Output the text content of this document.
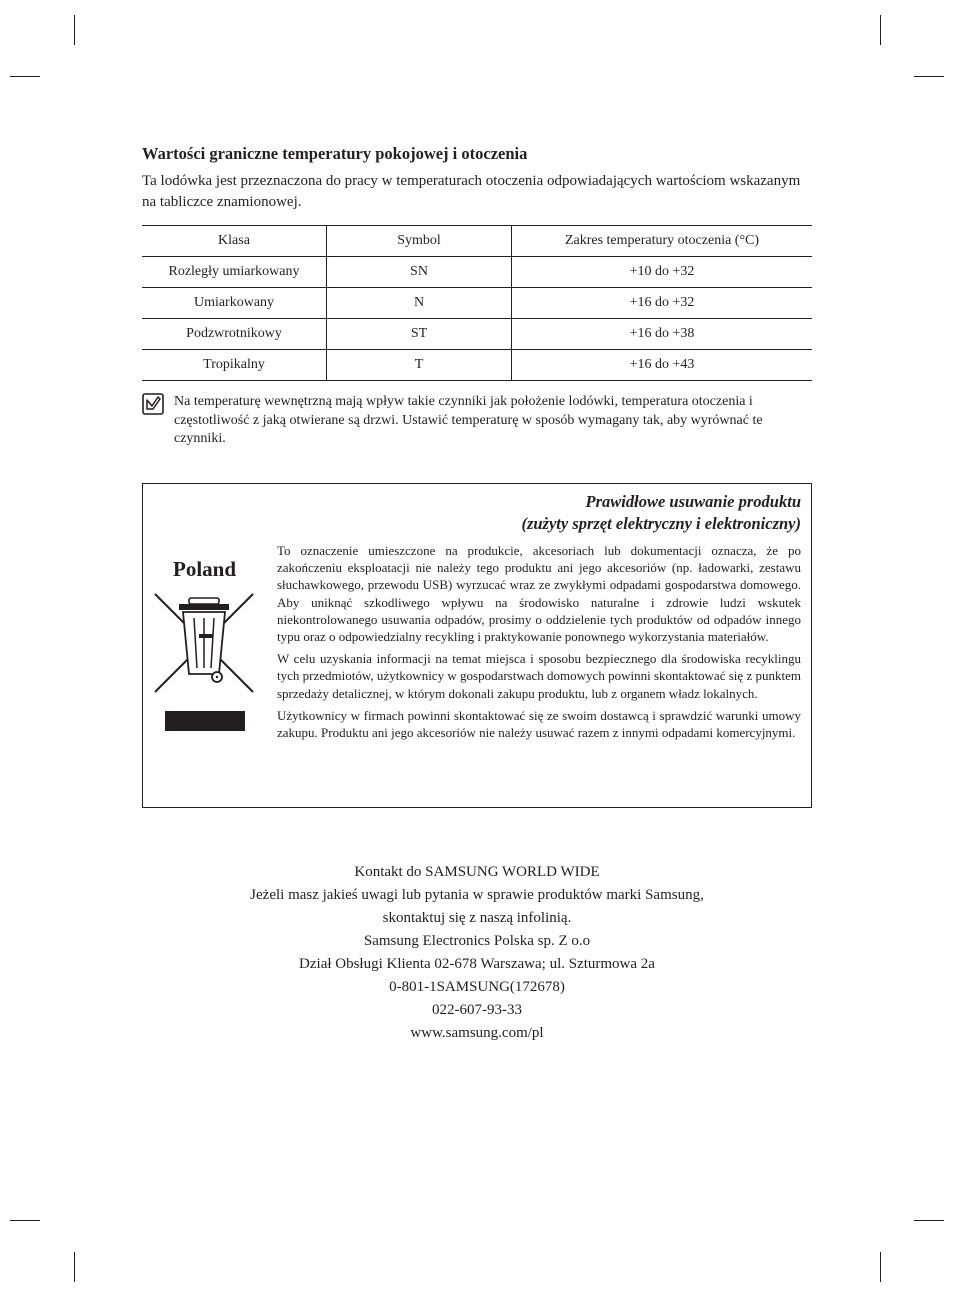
Wartości graniczne temperatury pokojowej i otoczenia
Ta lodówka jest przeznaczona do pracy w temperaturach otoczenia odpowiadających wartościom wskazanym na tabliczce znamionowej.
Klasa	Symbol	Zakres temperatury otoczenia (°C)
Rozległy umiarkowany	SN	+10 do +32
Umiarkowany	N	+16 do +32
Podzwrotnikowy	ST	+16 do +38
Tropikalny	T	+16 do +43
Na temperaturę wewnętrzną mają wpływ takie czynniki jak położenie lodówki, temperatura otoczenia i częstotliwość z jaką otwierane są drzwi. Ustawić temperaturę w sposób wymagany tak, aby wyrównać te czynniki.
Prawidłowe usuwanie produktu
(zużyty sprzęt elektryczny i elektroniczny)
Poland

To oznaczenie umieszczone na produkcie, akcesoriach lub dokumentacji oznacza, że po zakończeniu eksploatacji nie należy tego produktu ani jego akcesoriów (np. ładowarki, zestawu słuchawkowego, przewodu USB) wyrzucać wraz ze zwykłymi odpadami gospodarstwa domowego. Aby uniknąć szkodliwego wpływu na środowisko naturalne i zdrowie ludzi wskutek niekontrolowanego usuwania odpadów, prosimy o oddzielenie tych produktów od odpadów innego typu oraz o odpowiedzialny recykling i praktykowanie ponownego wykorzystania materiałów.

W celu uzyskania informacji na temat miejsca i sposobu bezpiecznego dla środowiska recyklingu tych przedmiotów, użytkownicy w gospodarstwach domowych powinni skontaktować się z punktem sprzedaży detalicznej, w którym dokonali zakupu produktu, lub z organem władz lokalnych.

Użytkownicy w firmach powinni skontaktować się ze swoim dostawcą i sprawdzić warunki umowy zakupu. Produktu ani jego akcesoriów nie należy usuwać razem z innymi odpadami komercyjnymi.

Kontakt do SAMSUNG WORLD WIDE
Jeżeli masz jakieś uwagi lub pytania w sprawie produktów marki Samsung,
skontaktuj się z naszą infolinią.
Samsung Electronics Polska sp. Z o.o
Dział Obsługi Klienta 02-678 Warszawa; ul. Szturmowa 2a
0-801-1SAMSUNG(172678)
022-607-93-33
www.samsung.com/pl
